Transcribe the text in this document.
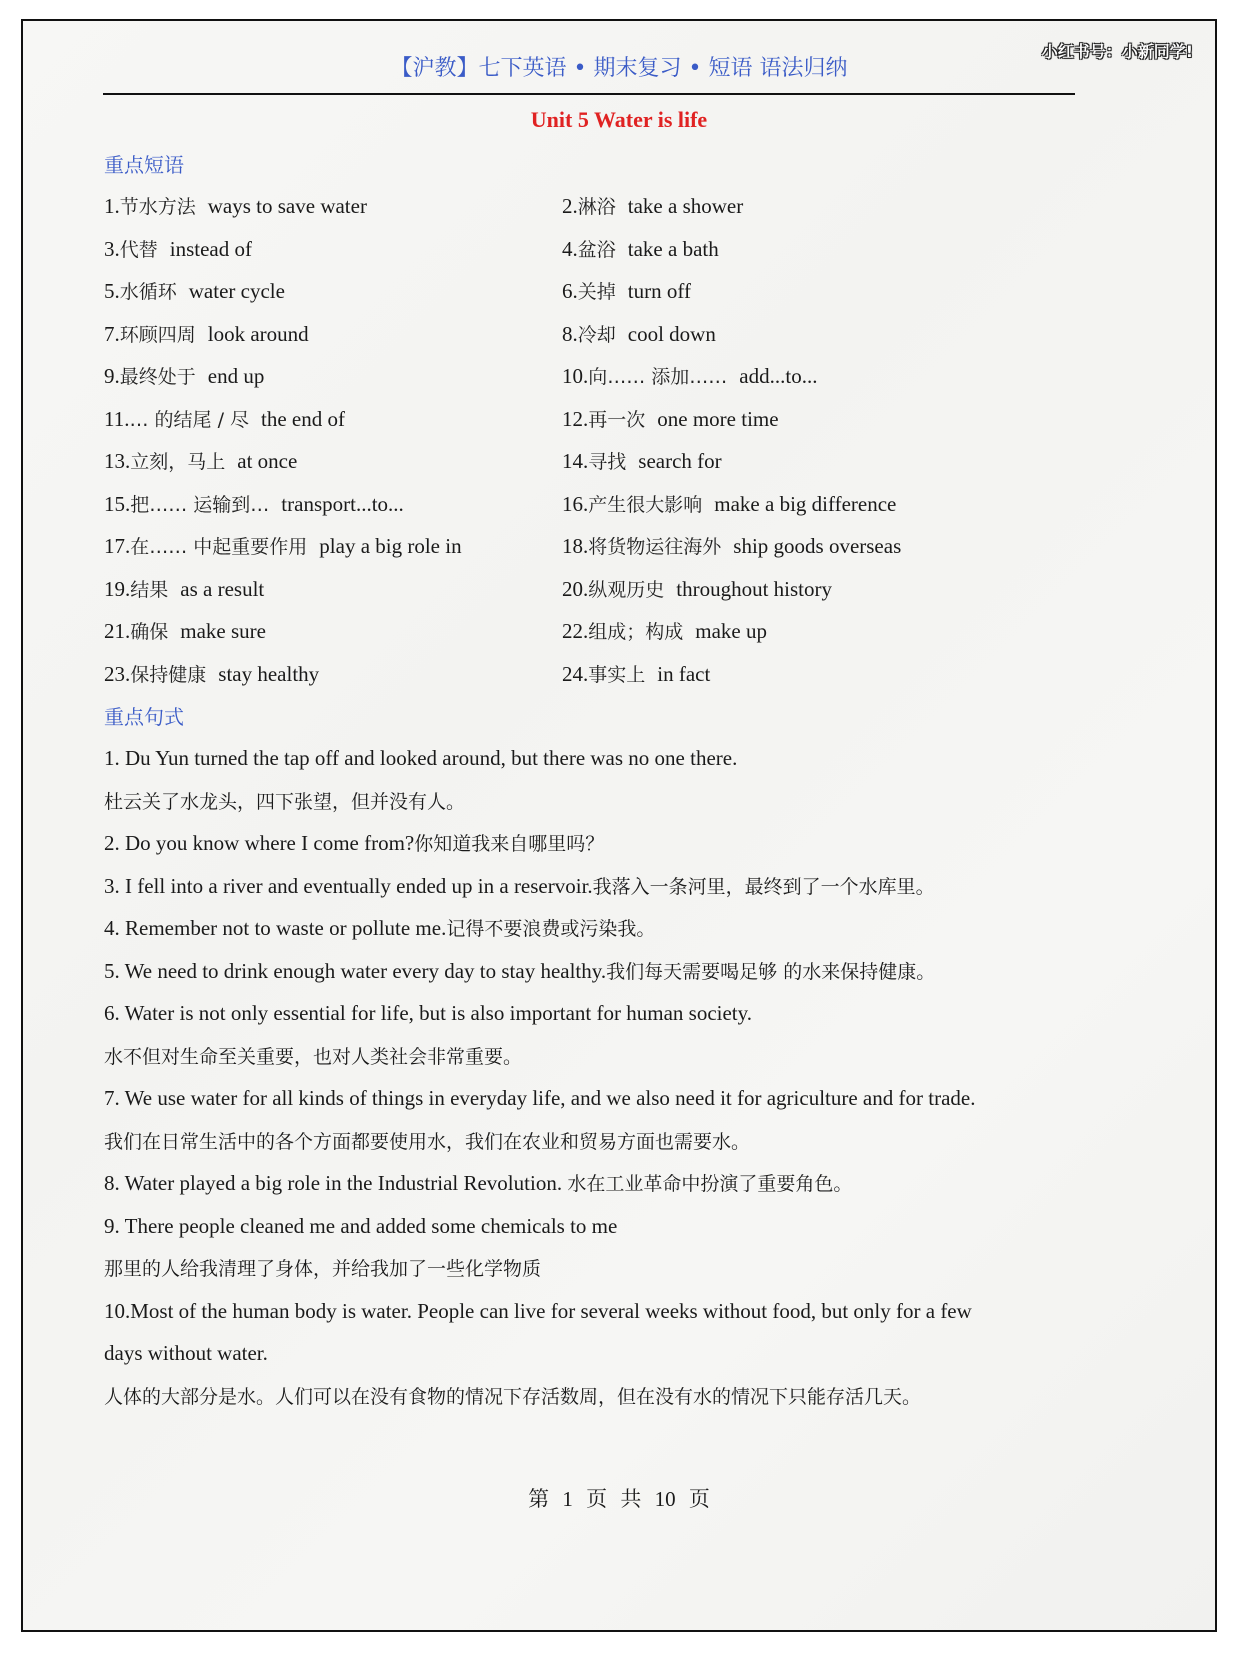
小红书号：小新同学!
【沪教】七下英语 • 期末复习 • 短语 语法归纳
Unit 5 Water is life
重点短语
1.节水方法 ways to save water	2.淋浴 take a shower
3.代替 instead of	4.盆浴 take a bath
5.水循环 water cycle	6.关掉 turn off
7.环顾四周 look around	8.冷却 cool down
9.最终处于 end up	10.向…… 添加…… add...to...
11.… 的结尾 / 尽 the end of	12.再一次 one more time
13.立刻，马上 at once	14.寻找 search for
15.把…… 运输到… transport...to...	16.产生很大影响 make a big difference
17.在…… 中起重要作用 play a big role in	18.将货物运往海外 ship goods overseas
19.结果 as a result	20.纵观历史 throughout history
21.确保 make sure	22.组成；构成 make up
23.保持健康 stay healthy	24.事实上 in fact
重点句式
1. Du Yun turned the tap off and looked around, but there was no one there.
杜云关了水龙头，四下张望，但并没有人。
2. Do you know where I come from?你知道我来自哪里吗？
3. I fell into a river and eventually ended up in a reservoir.我落入一条河里，最终到了一个水库里。
4. Remember not to waste or pollute me.记得不要浪费或污染我。
5. We need to drink enough water every day to stay healthy.我们每天需要喝足够 的水来保持健康。
6. Water is not only essential for life, but is also important for human society.
水不但对生命至关重要，也对人类社会非常重要。
7. We use water for all kinds of things in everyday life, and we also need it for agriculture and for trade.
我们在日常生活中的各个方面都要使用水，我们在农业和贸易方面也需要水。
8. Water played a big role in the Industrial Revolution. 水在工业革命中扮演了重要角色。
9. There people cleaned me and added some chemicals to me
那里的人给我清理了身体，并给我加了一些化学物质
10.Most of the human body is water. People can live for several weeks without food, but only for a few
days without water.
人体的大部分是水。人们可以在没有食物的情况下存活数周，但在没有水的情况下只能存活几天。
第 1 页 共 10 页
